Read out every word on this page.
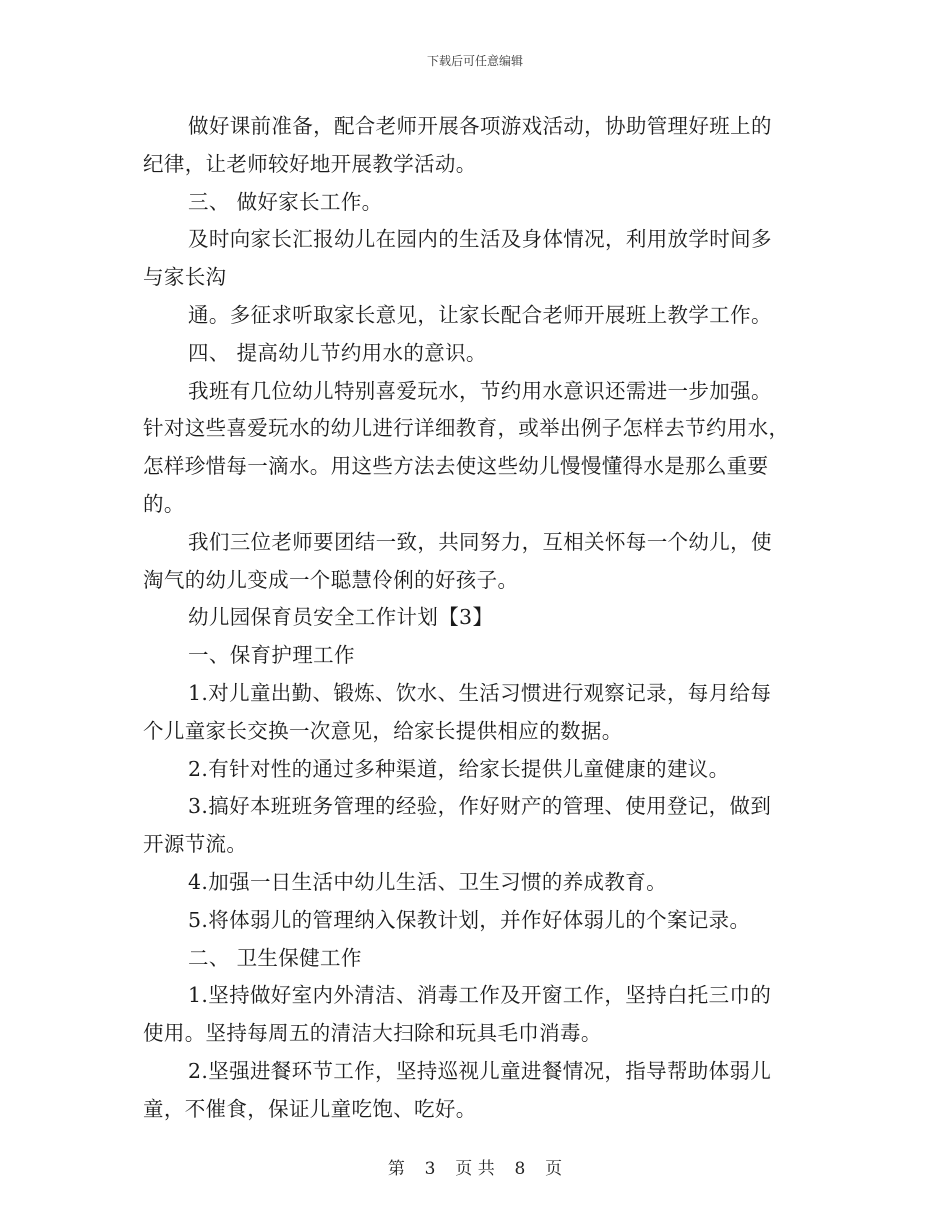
下载后可任意编辑

做好课前准备，配合老师开展各项游戏活动，协助管理好班上的

纪律，让老师较好地开展教学活动。

三、 做好家长工作。

及时向家长汇报幼儿在园内的生活及身体情况，利用放学时间多

与家长沟

通。多征求听取家长意见，让家长配合老师开展班上教学工作。

四、 提高幼儿节约用水的意识。

我班有几位幼儿特别喜爱玩水，节约用水意识还需进一步加强。

针对这些喜爱玩水的幼儿进行详细教育，或举出例子怎样去节约用水，

怎样珍惜每一滴水。用这些方法去使这些幼儿慢慢懂得水是那么重要

的。

我们三位老师要团结一致，共同努力，互相关怀每一个幼儿，使

淘气的幼儿变成一个聪慧伶俐的好孩子。

幼儿园保育员安全工作计划【3】

一、保育护理工作

1.对儿童出勤、锻炼、饮水、生活习惯进行观察记录，每月给每

个儿童家长交换一次意见，给家长提供相应的数据。

2.有针对性的通过多种渠道，给家长提供儿童健康的建议。

3.搞好本班班务管理的经验，作好财产的管理、使用登记，做到

开源节流。

4.加强一日生活中幼儿生活、卫生习惯的养成教育。

5.将体弱儿的管理纳入保教计划，并作好体弱儿的个案记录。

二、 卫生保健工作

1.坚持做好室内外清洁、消毒工作及开窗工作，坚持白托三巾的

使用。坚持每周五的清洁大扫除和玩具毛巾消毒。

2.坚强进餐环节工作，坚持巡视儿童进餐情况，指导帮助体弱儿

童，不催食，保证儿童吃饱、吃好。

第 3 页 共 8 页
